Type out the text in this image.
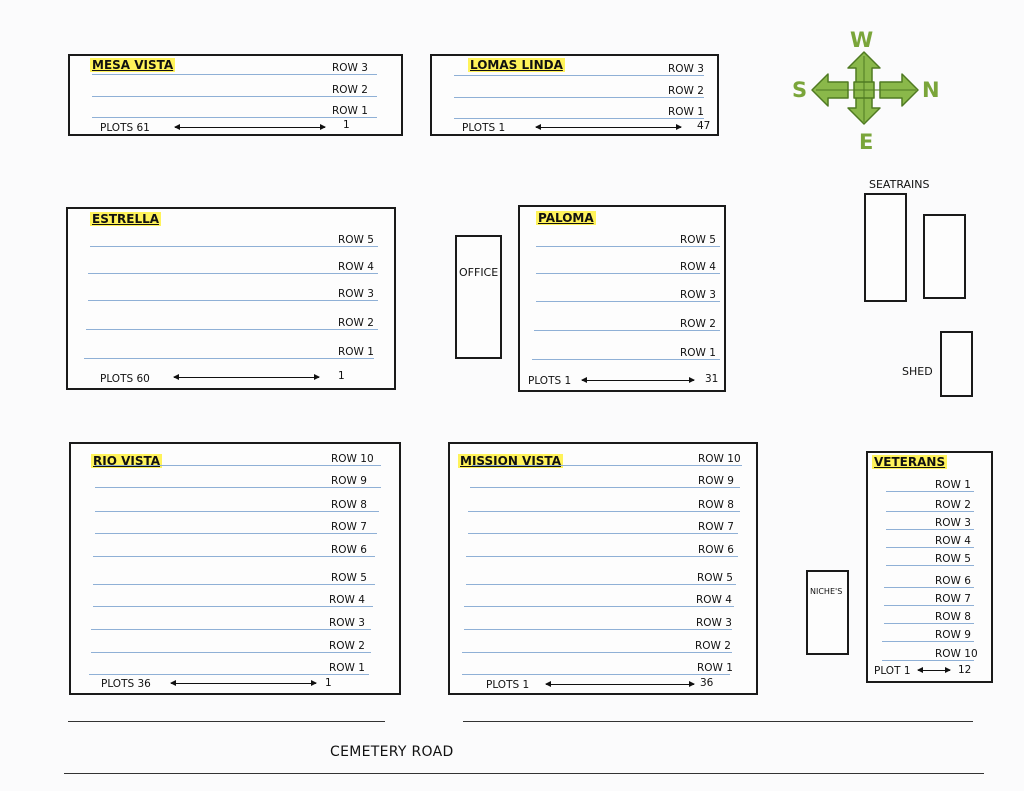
MESA VISTA	ROW 3
ROW 2
ROW 1
PLOTS 61	1
LOMAS LINDA	ROW 3
ROW 2
ROW 1
PLOTS 1	47
ESTRELLA
ROW 5
ROW 4
ROW 3
ROW 2
ROW 1
PLOTS 60	1
PALOMA
ROW 5
ROW 4
ROW 3
ROW 2
ROW 1
PLOTS 1	31
OFFICE
SEATRAINS
SHED
RIO VISTA	ROW 10
ROW 9
ROW 8
ROW 7
ROW 6
ROW 5
ROW 4
ROW 3
ROW 2
ROW 1
PLOTS 36	1
MISSION VISTA	ROW 10
ROW 9
ROW 8
ROW 7
ROW 6
ROW 5
ROW 4
ROW 3
ROW 2
ROW 1
PLOTS 1	36
NICHE'S
VETERANS
ROW 1
ROW 2
ROW 3
ROW 4
ROW 5
ROW 6
ROW 7
ROW 8
ROW 9
ROW 10
PLOT 1	12
W
S	N
E
CEMETERY ROAD
